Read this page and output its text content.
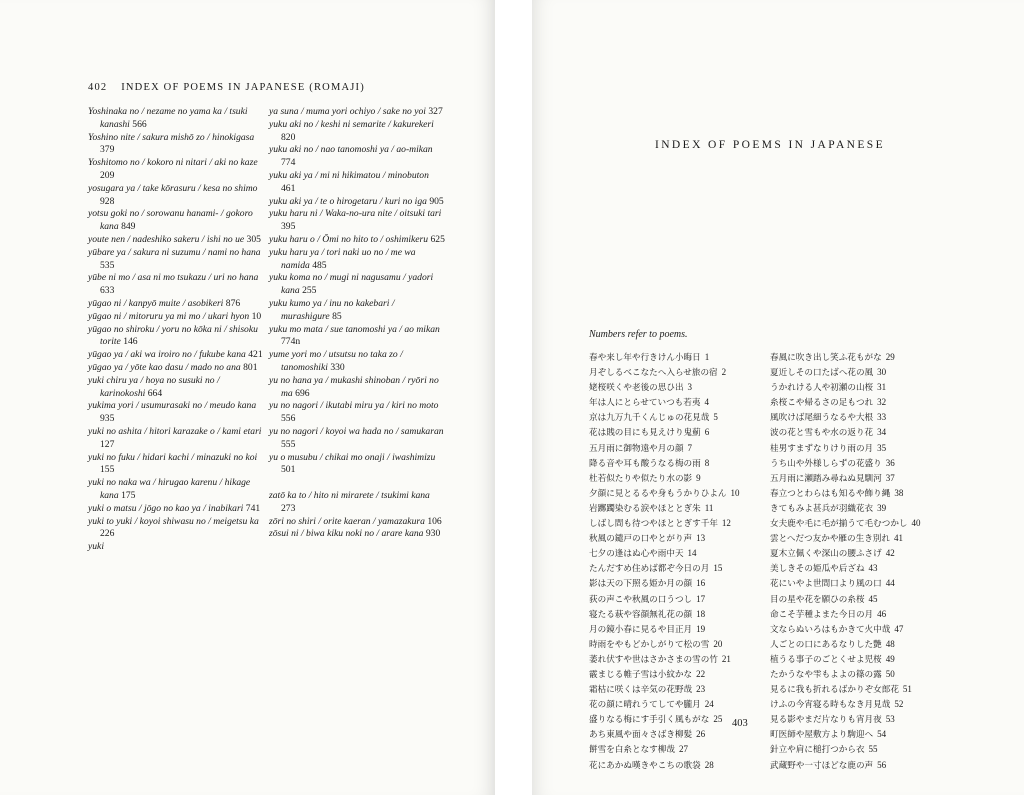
402 INDEX OF POEMS IN JAPANESE (ROMAJI)

Yoshinaka no / nezame no yama ka / tsuki kanashi 566

Yoshino nite / sakura mishō zo / hinokigasa 379

Yoshitomo no / kokoro ni nitari / aki no kaze 209

yosugara ya / take kōrasuru / kesa no shimo 928

yotsu goki no / sorowanu hanami- / gokoro kana 849

youte nen / nadeshiko sakeru / ishi no ue 305

yūbare ya / sakura ni suzumu / nami no hana 535

yūbe ni mo / asa ni mo tsukazu / uri no hana 633

yūgao ni / kanpyō muite / asobikeri 876

yūgao ni / mitoruru ya mi mo / ukari hyon 10

yūgao no shiroku / yoru no kōka ni / shisoku torite 146

yūgao ya / aki wa iroiro no / fukube kana 421

yūgao ya / yōte kao dasu / mado no ana 801

yuki chiru ya / hoya no susuki no / karinokoshi 664

yukima yori / usumurasaki no / meudo kana 935

yuki no ashita / hitori karazake o / kami etari 127

yuki no fuku / hidari kachi / minazuki no koi 155

yuki no naka wa / hirugao karenu / hikage kana 175

yuki o matsu / jōgo no kao ya / inabikari 741

yuki to yuki / koyoi shiwasu no / meigetsu ka 226

yuki

ya suna / muma yori ochiyo / sake no yoi 327

yuku aki no / keshi ni semarite / kakurekeri 820

yuku aki no / nao tanomoshi ya / ao-mikan 774

yuku aki ya / mi ni hikimatou / minobuton 461

yuku aki ya / te o hirogetaru / kuri no iga 905

yuku haru ni / Waka-no-ura nite / oitsuki tari 395

yuku haru o / Ōmi no hito to / oshimikeru 625

yuku haru ya / tori naki uo no / me wa namida 485

yuku koma no / mugi ni nagusamu / yadori kana 255

yuku kumo ya / inu no kakebari / murashigure 85

yuku mo mata / sue tanomoshi ya / ao mikan 774n

yume yori mo / utsutsu no taka zo / tanomoshiki 330

yu no hana ya / mukashi shinoban / ryōri no ma 696

yu no nagori / ikutabi miru ya / kiri no moto 556

yu no nagori / koyoi wa hada no / samukaran 555

yu o musubu / chikai mo onaji / iwashimizu 501

zatō ka to / hito ni mirarete / tsukimi kana 273

zōri no shiri / orite kaeran / yamazakura 106

zōsui ni / biwa kiku noki no / arare kana 930

INDEX OF POEMS IN JAPANESE
Numbers refer to poems.
春や来し年や行きけん小晦日 1
月ぞしるべこなたへ入らせ旅の宿 2
姥桜咲くや老後の思ひ出 3
年は人にとらせていつも若夷 4
京は九万九千くんじゅの花見哉 5
花は賎の目にも見えけり鬼薊 6
五月雨に御物遠や月の顔 7
降る音や耳も酸うなる梅の雨 8
杜若似たりや似たり水の影 9
夕顔に見とるるや身もうかりひよん 10
岩躑躅染むる涙やほととぎ朱 11
しばし間も待つやほととぎす千年 12
秋風の鑓戸の口やとがり声 13
七夕の逢はぬ心や雨中天 14
たんだすめ住めば都ぞ今日の月 15
影は天の下照る姫か月の顔 16
荻の声こや秋風の口うつし 17
寝たる萩や容顔無礼花の顔 18
月の鏡小春に見るや目正月 19
時雨をやもどかしがりて松の雪 20
萎れ伏すや世はさかさまの雪の竹 21
霰まじる帷子雪は小紋かな 22
霜枯に咲くは辛気の花野哉 23
花の顔に晴れうてしてや朧月 24
盛りなる梅にす手引く風もがな 25
あち東風や面々さばき柳髪 26
餅雪を白糸となす柳哉 27
花にあかぬ嘆きやこちの歌袋 28
春風に吹き出し笑ふ花もがな 29
夏近しその口たばへ花の風 30
うかれける人や初瀬の山桜 31
糸桜こや帰るさの足もつれ 32
風吹けば尾細うなるや大根 33
波の花と雪もや水の返り花 34
桂男すまずなりけり雨の月 35
うち山や外様しらずの花盛り 36
五月雨に瀬踏み尋ねぬ見馴河 37
春立つとわらはも知るや飾り縄 38
きてもみよ甚兵が羽織花衣 39
女夫鹿や毛に毛が揃うて毛むつかし 40
雲とへだつ友かや雁の生き別れ 41
夏木立佩くや深山の腰ふさげ 42
美しきその姫瓜や后ざね 43
花にいやよ世間口より風の口 44
目の星や花を願ひの糸桜 45
命こそ芋種よまた今日の月 46
文ならぬいろはもかきて火中哉 47
人ごとの口にあるなりした艶 48
植うる事子のごとくせよ児桜 49
たかうなや雫もよよの篠の露 50
見るに我も折れるばかりぞ女郎花 51
けふの今宵寝る時もなき月見哉 52
見る影やまだ片なりも宵月夜 53
町医師や屋敷方より駒迎へ 54
針立や肩に槌打つから衣 55
武蔵野や一寸ほどな鹿の声 56
403
